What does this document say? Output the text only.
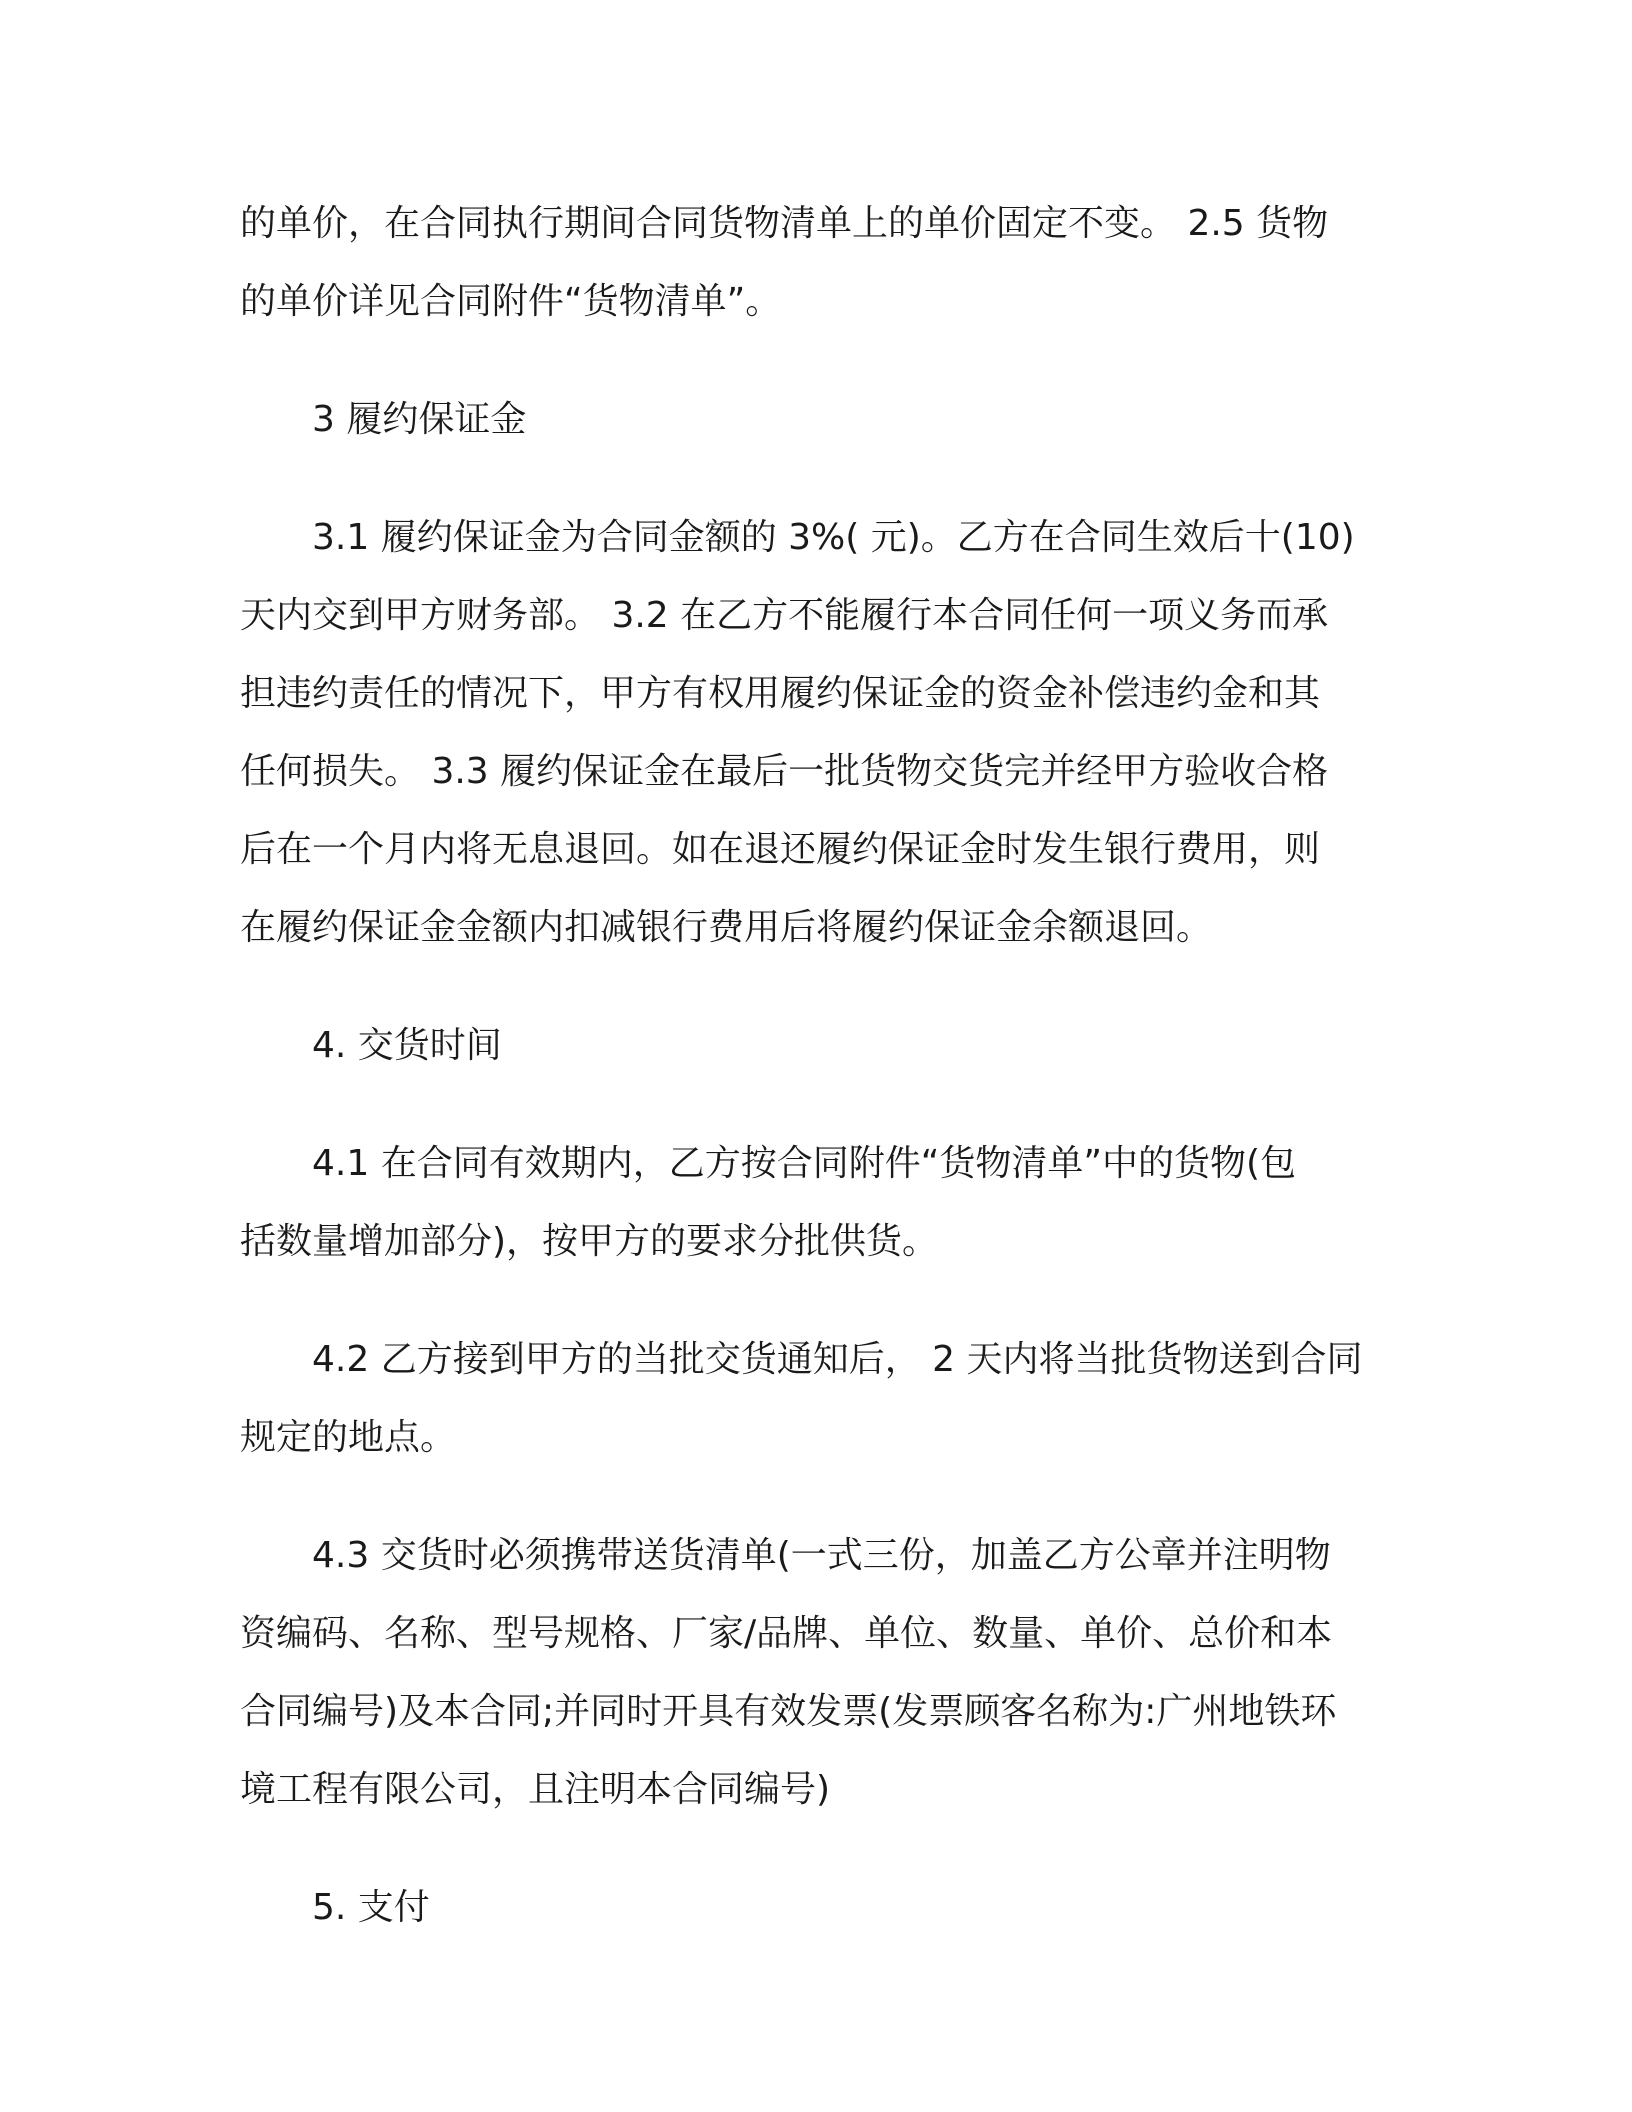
的单价，在合同执行期间合同货物清单上的单价固定不变。 2.5 货物
的单价详见合同附件“货物清单”。
3 履约保证金
3.1 履约保证金为合同金额的 3%( 元)。乙方在合同生效后十(10)
天内交到甲方财务部。 3.2 在乙方不能履行本合同任何一项义务而承
担违约责任的情况下，甲方有权用履约保证金的资金补偿违约金和其
任何损失。 3.3 履约保证金在最后一批货物交货完并经甲方验收合格
后在一个月内将无息退回。如在退还履约保证金时发生银行费用，则
在履约保证金金额内扣减银行费用后将履约保证金余额退回。
4. 交货时间
4.1 在合同有效期内，乙方按合同附件“货物清单”中的货物(包
括数量增加部分)，按甲方的要求分批供货。
4.2 乙方接到甲方的当批交货通知后， 2 天内将当批货物送到合同
规定的地点。
4.3 交货时必须携带送货清单(一式三份，加盖乙方公章并注明物
资编码、名称、型号规格、厂家/品牌、单位、数量、单价、总价和本
合同编号)及本合同;并同时开具有效发票(发票顾客名称为:广州地铁环
境工程有限公司，且注明本合同编号)
5. 支付
